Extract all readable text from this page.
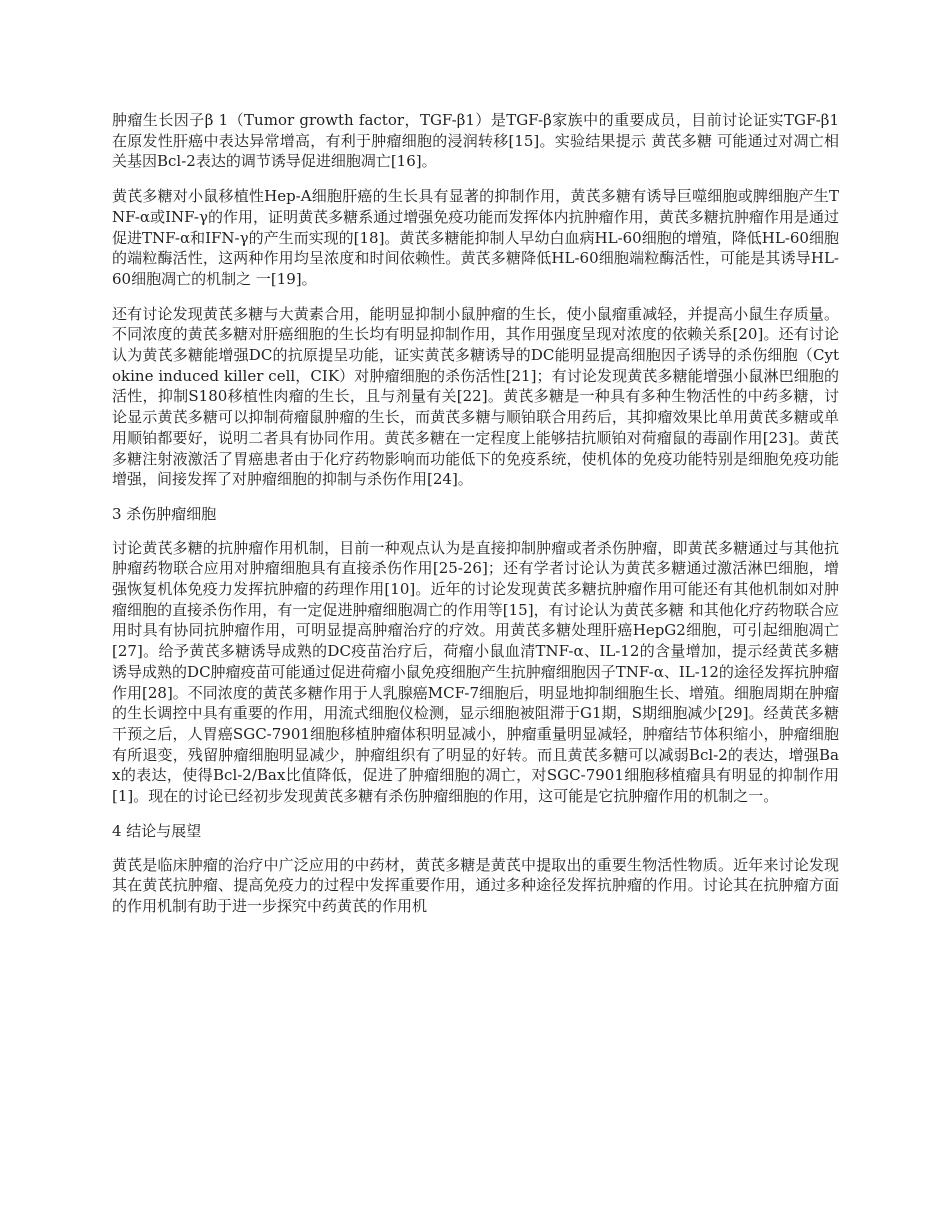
肿瘤生长因子β 1（Tumor growth factor，TGF-β1）是TGF-β家族中的重要成员，目前讨论证实TGF-β1在原发性肝癌中表达异常增高，有利于肿瘤细胞的浸润转移[15]。实验结果提示 黄芪多糖 可能通过对凋亡相关基因Bcl-2表达的调节诱导促进细胞凋亡[16]。

黄芪多糖对小鼠移植性Hep-A细胞肝癌的生长具有显著的抑制作用，黄芪多糖有诱导巨噬细胞或脾细胞产生TNF-α或INF-γ的作用，证明黄芪多糖系通过增强免疫功能而发挥体内抗肿瘤作用，黄芪多糖抗肿瘤作用是通过促进TNF-α和IFN-γ的产生而实现的[18]。黄芪多糖能抑制人早幼白血病HL-60细胞的增殖，降低HL-60细胞的端粒酶活性，这两种作用均呈浓度和时间依赖性。黄芪多糖降低HL-60细胞端粒酶活性，可能是其诱导HL-60细胞凋亡的机制之 一[19]。

还有讨论发现黄芪多糖与大黄素合用，能明显抑制小鼠肿瘤的生长，使小鼠瘤重减轻，并提高小鼠生存质量。不同浓度的黄芪多糖对肝癌细胞的生长均有明显抑制作用，其作用强度呈现对浓度的依赖关系[20]。还有讨论认为黄芪多糖能增强DC的抗原提呈功能，证实黄芪多糖诱导的DC能明显提高细胞因子诱导的杀伤细胞（Cytokine induced killer cell，CIK）对肿瘤细胞的杀伤活性[21]；有讨论发现黄芪多糖能增强小鼠淋巴细胞的活性，抑制S180移植性肉瘤的生长，且与剂量有关[22]。黄芪多糖是一种具有多种生物活性的中药多糖，讨论显示黄芪多糖可以抑制荷瘤鼠肿瘤的生长，而黄芪多糖与顺铂联合用药后，其抑瘤效果比单用黄芪多糖或单用顺铂都要好，说明二者具有协同作用。黄芪多糖在一定程度上能够拮抗顺铂对荷瘤鼠的毒副作用[23]。黄芪多糖注射液激活了胃癌患者由于化疗药物影响而功能低下的免疫系统，使机体的免疫功能特别是细胞免疫功能增强，间接发挥了对肿瘤细胞的抑制与杀伤作用[24]。

3 杀伤肿瘤细胞

讨论黄芪多糖的抗肿瘤作用机制，目前一种观点认为是直接抑制肿瘤或者杀伤肿瘤，即黄芪多糖通过与其他抗肿瘤药物联合应用对肿瘤细胞具有直接杀伤作用[25-26]；还有学者讨论认为黄芪多糖通过激活淋巴细胞，增强恢复机体免疫力发挥抗肿瘤的药理作用[10]。近年的讨论发现黄芪多糖抗肿瘤作用可能还有其他机制如对肿瘤细胞的直接杀伤作用，有一定促进肿瘤细胞凋亡的作用等[15]，有讨论认为黄芪多糖 和其他化疗药物联合应用时具有协同抗肿瘤作用，可明显提高肿瘤治疗的疗效。用黄芪多糖处理肝癌HepG2细胞，可引起细胞凋亡[27]。给予黄芪多糖诱导成熟的DC疫苗治疗后，荷瘤小鼠血清TNF-α、IL-12的含量增加，提示经黄芪多糖诱导成熟的DC肿瘤疫苗可能通过促进荷瘤小鼠免疫细胞产生抗肿瘤细胞因子TNF-α、IL-12的途径发挥抗肿瘤作用[28]。不同浓度的黄芪多糖作用于人乳腺癌MCF-7细胞后，明显地抑制细胞生长、增殖。细胞周期在肿瘤的生长调控中具有重要的作用，用流式细胞仪检测，显示细胞被阻滞于G1期，S期细胞减少[29]。经黄芪多糖干预之后，人胃癌SGC-7901细胞移植肿瘤体积明显减小，肿瘤重量明显减轻，肿瘤结节体积缩小，肿瘤细胞有所退变，残留肿瘤细胞明显减少，肿瘤组织有了明显的好转。而且黄芪多糖可以减弱Bcl-2的表达，增强Bax的表达，使得Bcl-2/Bax比值降低，促进了肿瘤细胞的凋亡，对SGC-7901细胞移植瘤具有明显的抑制作用[1]。现在的讨论已经初步发现黄芪多糖有杀伤肿瘤细胞的作用，这可能是它抗肿瘤作用的机制之一。

4 结论与展望

黄芪是临床肿瘤的治疗中广泛应用的中药材，黄芪多糖是黄芪中提取出的重要生物活性物质。近年来讨论发现其在黄芪抗肿瘤、提高免疫力的过程中发挥重要作用，通过多种途径发挥抗肿瘤的作用。讨论其在抗肿瘤方面的作用机制有助于进一步探究中药黄芪的作用机
